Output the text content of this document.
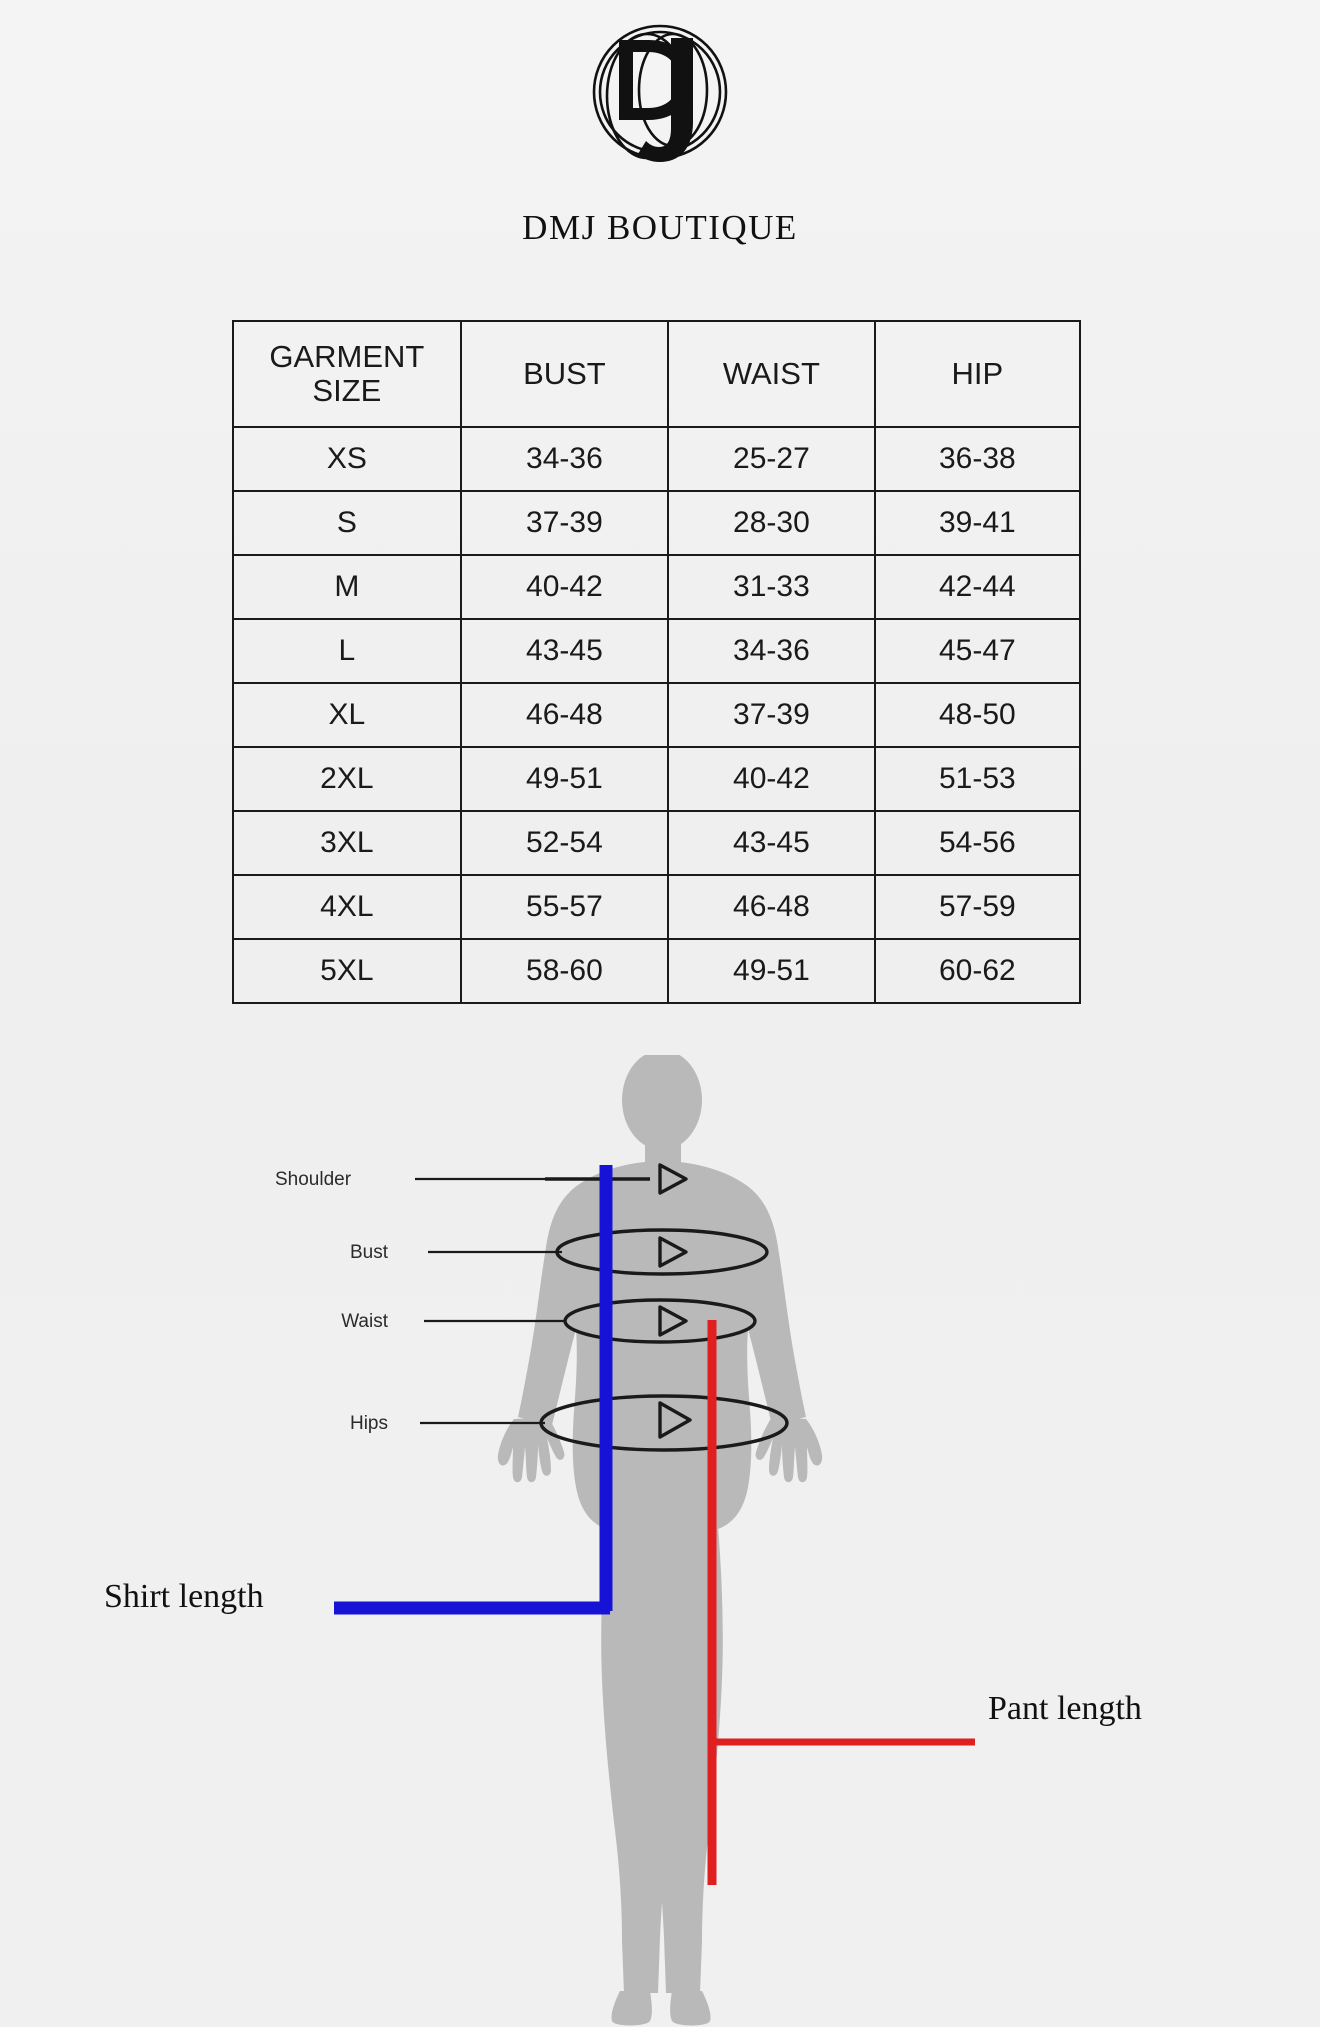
DMJ BOUTIQUE
GARMENT
SIZE	BUST	WAIST	HIP
XS	34-36	25-27	36-38
S	37-39	28-30	39-41
M	40-42	31-33	42-44
L	43-45	34-36	45-47
XL	46-48	37-39	48-50
2XL	49-51	40-42	51-53
3XL	52-54	43-45	54-56
4XL	55-57	46-48	57-59
5XL	58-60	49-51	60-62
Shoulder
Bust
Waist
Hips
Shirt length
Pant length
